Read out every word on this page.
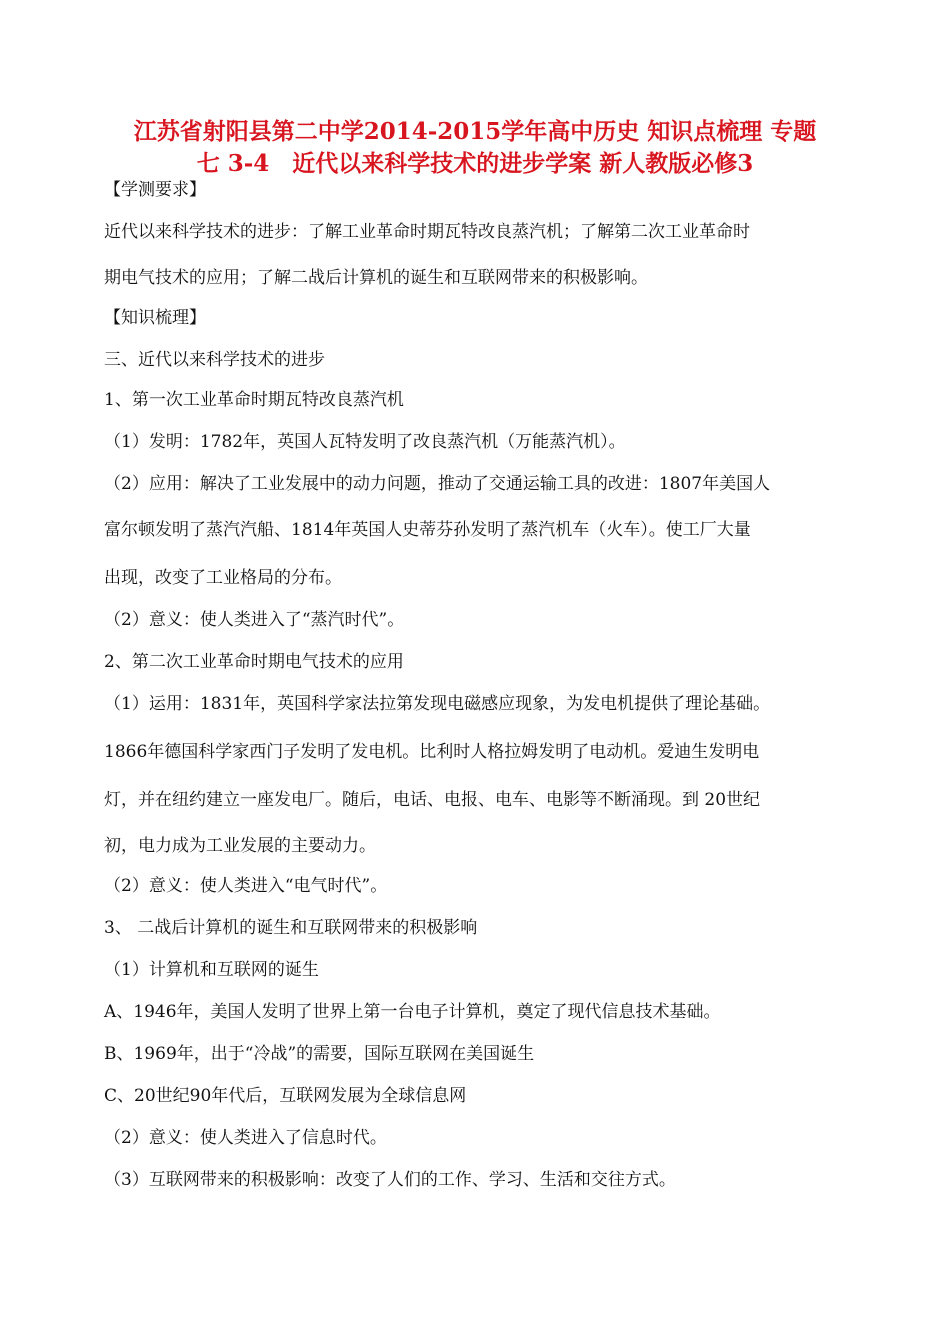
江苏省射阳县第二中学2014-2015学年高中历史 知识点梳理 专题
七 3-4　近代以来科学技术的进步学案 新人教版必修3
【学测要求】
近代以来科学技术的进步：了解工业革命时期瓦特改良蒸汽机；了解第二次工业革命时
期电气技术的应用；了解二战后计算机的诞生和互联网带来的积极影响。
【知识梳理】
三、近代以来科学技术的进步
1、第一次工业革命时期瓦特改良蒸汽机
（1）发明：1782年，英国人瓦特发明了改良蒸汽机（万能蒸汽机）。
（2）应用：解决了工业发展中的动力问题，推动了交通运输工具的改进：1807年美国人
富尔顿发明了蒸汽汽船、1814年英国人史蒂芬孙发明了蒸汽机车（火车）。使工厂大量
出现，改变了工业格局的分布。
（2）意义：使人类进入了“蒸汽时代”。
2、第二次工业革命时期电气技术的应用
（1）运用：1831年，英国科学家法拉第发现电磁感应现象，为发电机提供了理论基础。
1866年德国科学家西门子发明了发电机。比利时人格拉姆发明了电动机。爱迪生发明电
灯，并在纽约建立一座发电厂。随后，电话、电报、电车、电影等不断涌现。到 20世纪
初，电力成为工业发展的主要动力。
（2）意义：使人类进入“电气时代”。
3、 二战后计算机的诞生和互联网带来的积极影响
（1）计算机和互联网的诞生
A、1946年，美国人发明了世界上第一台电子计算机，奠定了现代信息技术基础。
B、1969年，出于“冷战”的需要，国际互联网在美国诞生
C、20世纪90年代后，互联网发展为全球信息网
（2）意义：使人类进入了信息时代。
（3）互联网带来的积极影响：改变了人们的工作、学习、生活和交往方式。
